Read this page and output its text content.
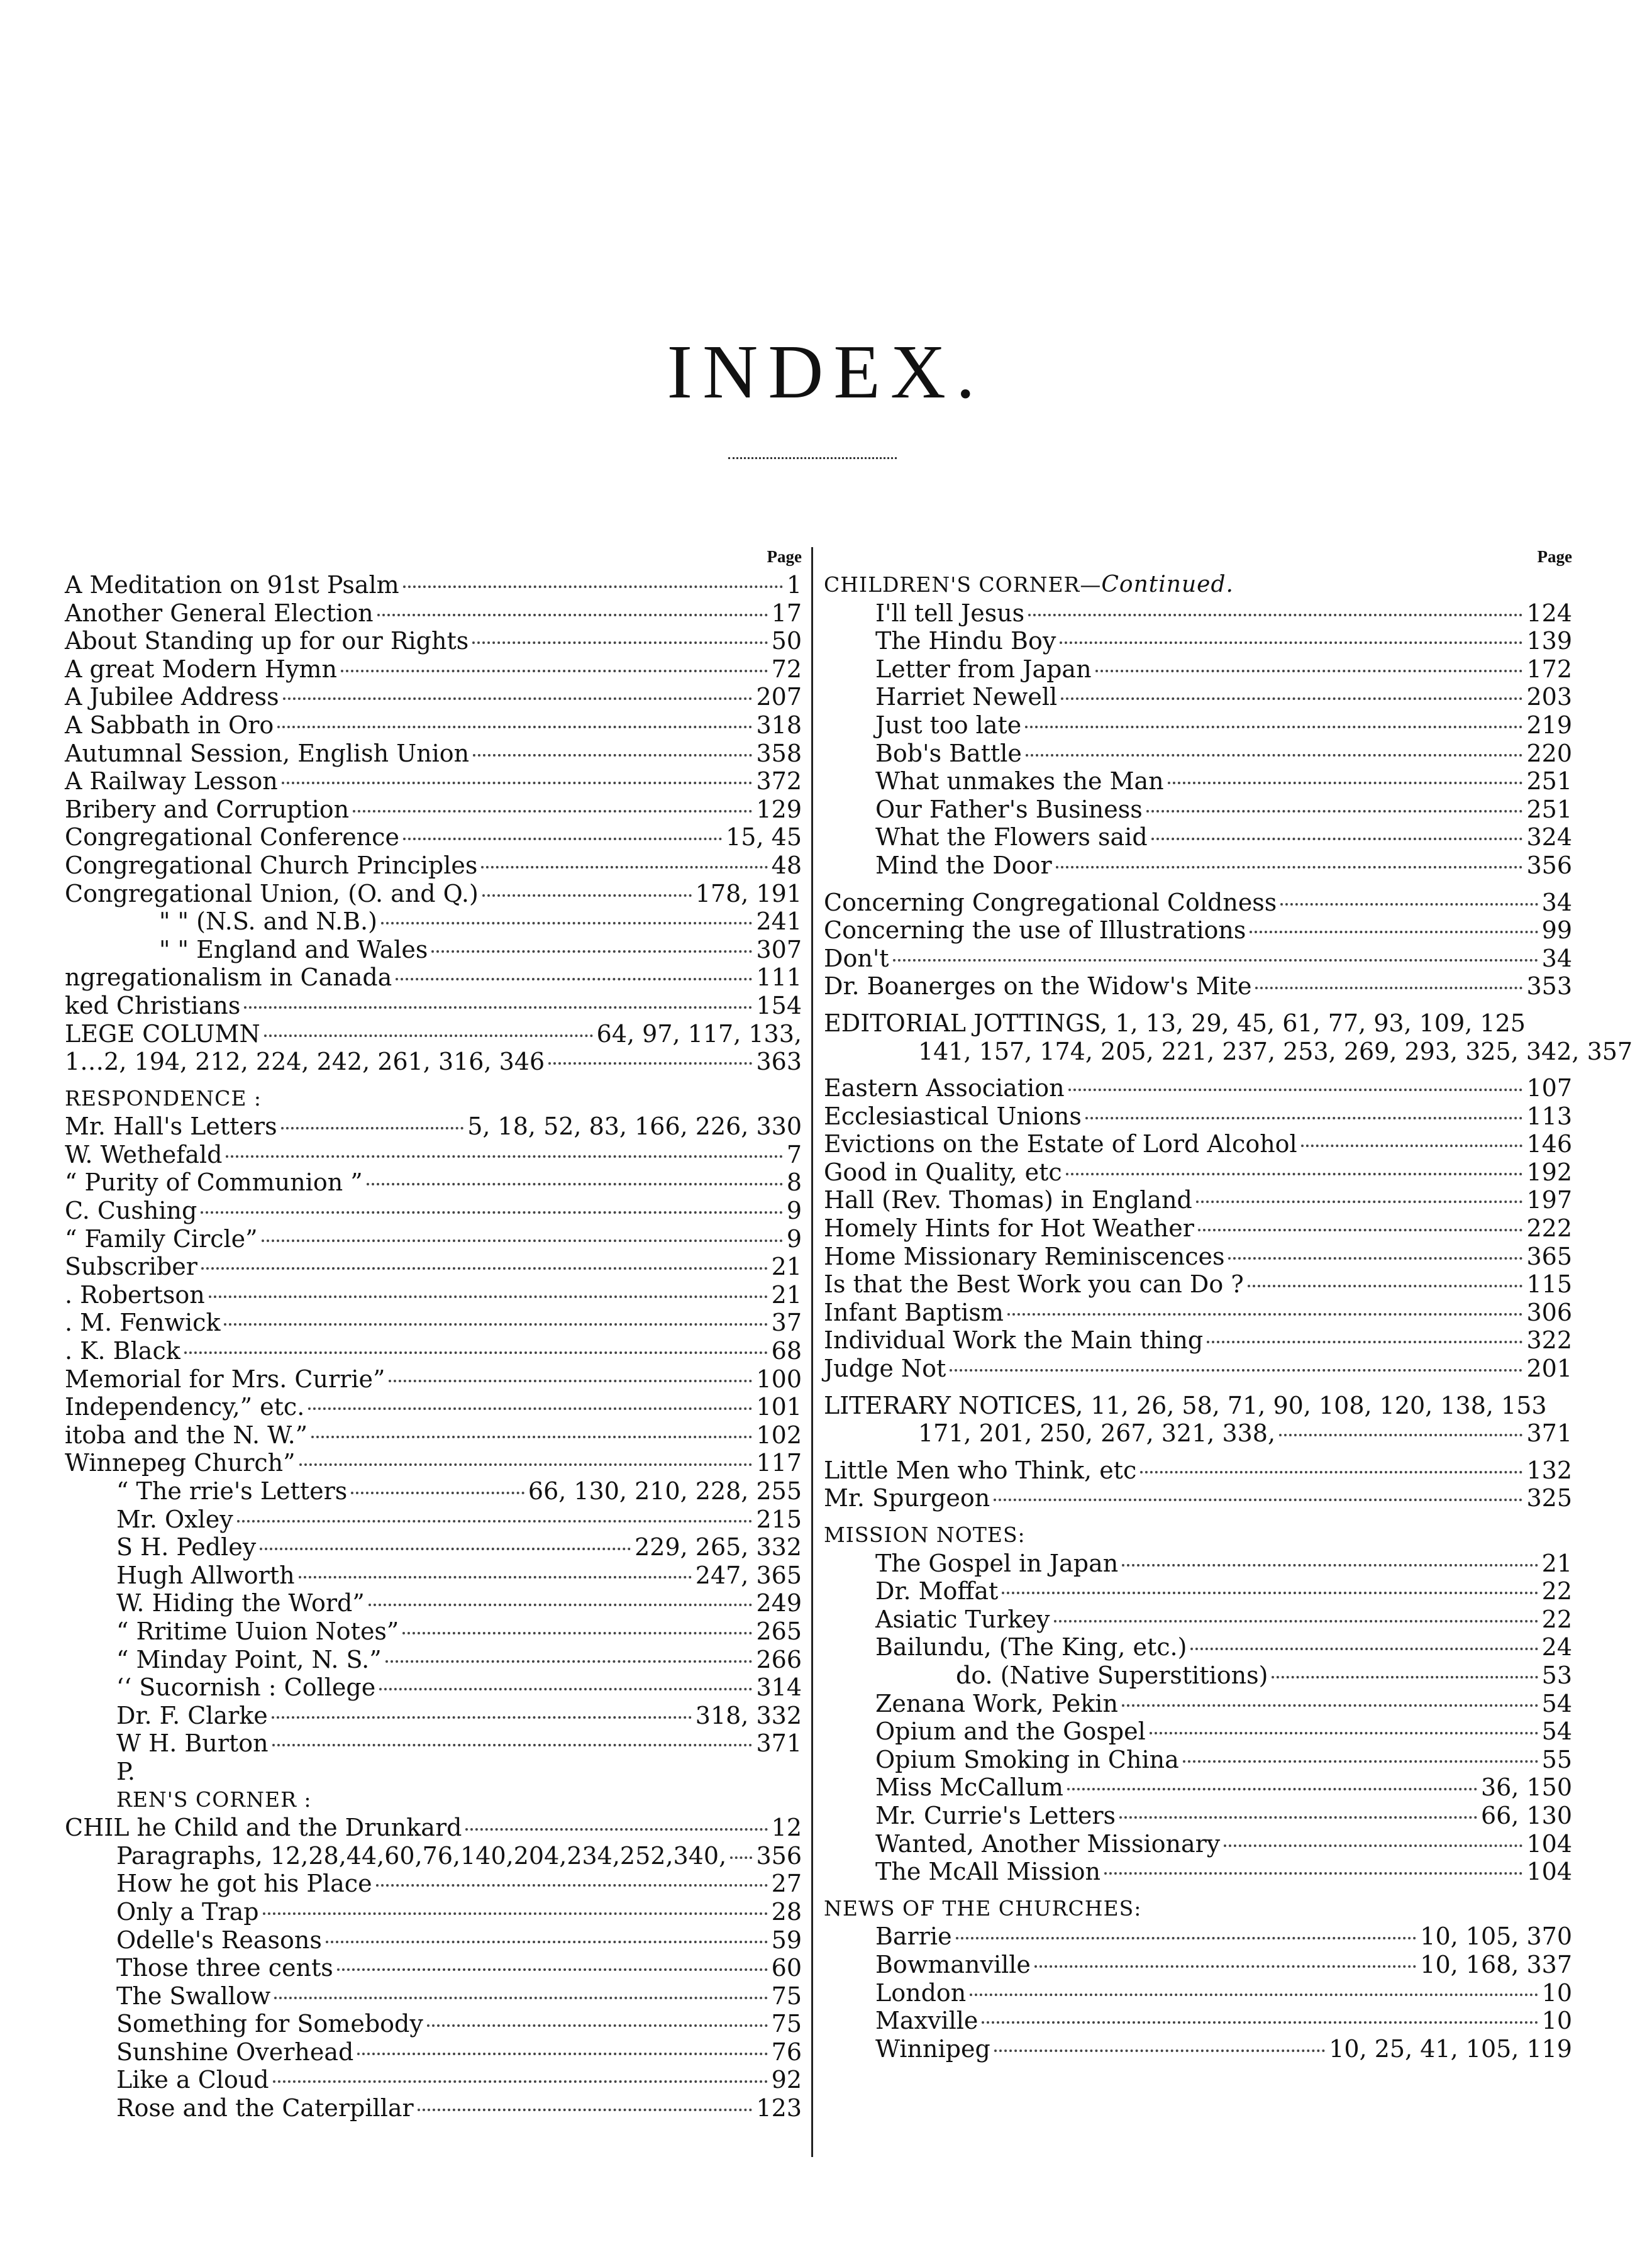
INDEX.
Page
A Meditation on 91st Psalm	1
Another General Election	17
About Standing up for our Rights	50
A great Modern Hymn	72
A Jubilee Address	207
A Sabbath in Oro	318
Autumnal Session, English Union	358
A Railway Lesson	372
Bribery and Corruption	129
Congregational Conference	15, 45
Congregational Church Principles	48
Congregational Union, (O. and Q.)	178, 191
" " (N.S. and N.B.)	241
" " England and Wales	307
ngregationalism in Canada	111
ked Christians	154
LEGE COLUMN	64, 97, 117, 133,
1…2, 194, 212, 224, 242, 261, 316, 346	363
RESPONDENCE :
Mr. Hall's Letters	5, 18, 52, 83, 166, 226, 330
W. Wethefald	7
“ Purity of Communion ”	8
C. Cushing	9
“ Family Circle”	9
Subscriber	21
. Robertson	21
. M. Fenwick	37
. K. Black	68
Memorial for Mrs. Currie”	100
Independency,” etc.	101
itoba and the N. W.”	102
Winnepeg Church”	117
“ The rrie's Letters	66, 130, 210, 228, 255
Mr. Oxley	215
S H. Pedley	229, 265, 332
Hugh Allworth	247, 365
W. Hiding the Word”	249
“ Rritime Uuion Notes”	265
“ Minday Point, N. S.”	266
‘‘ Sucornish : College	314
Dr. F. Clarke	318, 332
W H. Burton	371
P.
REN'S CORNER :
CHIL he Child and the Drunkard	12
Paragraphs, 12,28,44,60,76,140,204,234,252,340, 356
How he got his Place	27
Only a Trap	28
Odelle's Reasons	59
Those three cents	60
The Swallow	75
Something for Somebody	75
Sunshine Overhead	76
Like a Cloud	92
Rose and the Caterpillar	123
Page
CHILDREN'S CORNER—Continued.
I'll tell Jesus	124
The Hindu Boy	139
Letter from Japan	172
Harriet Newell	203
Just too late	219
Bob's Battle	220
What unmakes the Man	251
Our Father's Business	251
What the Flowers said	324
Mind the Door	356
Concerning Congregational Coldness	34
Concerning the use of Illustrations	99
Don't	34
Dr. Boanerges on the Widow's Mite	353
EDITORIAL JOTTINGS, 1, 13, 29, 45, 61, 77, 93, 109, 125
141, 157, 174, 205, 221, 237, 253, 269, 293, 325, 342, 357
Eastern Association	107
Ecclesiastical Unions	113
Evictions on the Estate of Lord Alcohol	146
Good in Quality, etc	192
Hall (Rev. Thomas) in England	197
Homely Hints for Hot Weather	222
Home Missionary Reminiscences	365
Is that the Best Work you can Do ?	115
Infant Baptism	306
Individual Work the Main thing	322
Judge Not	201
LITERARY NOTICES, 11, 26, 58, 71, 90, 108, 120, 138, 153
171, 201, 250, 267, 321, 338,	371
Little Men who Think, etc	132
Mr. Spurgeon	325
MISSION NOTES:
The Gospel in Japan	21
Dr. Moffat	22
Asiatic Turkey	22
Bailundu, (The King, etc.)	24
do. (Native Superstitions)	53
Zenana Work, Pekin	54
Opium and the Gospel	54
Opium Smoking in China	55
Miss McCallum	36, 150
Mr. Currie's Letters	66, 130
Wanted, Another Missionary	104
The McAll Mission	104
NEWS OF THE CHURCHES:
Barrie	10, 105, 370
Bowmanville	10, 168, 337
London	10
Maxville	10
Winnipeg	10, 25, 41, 105, 119
